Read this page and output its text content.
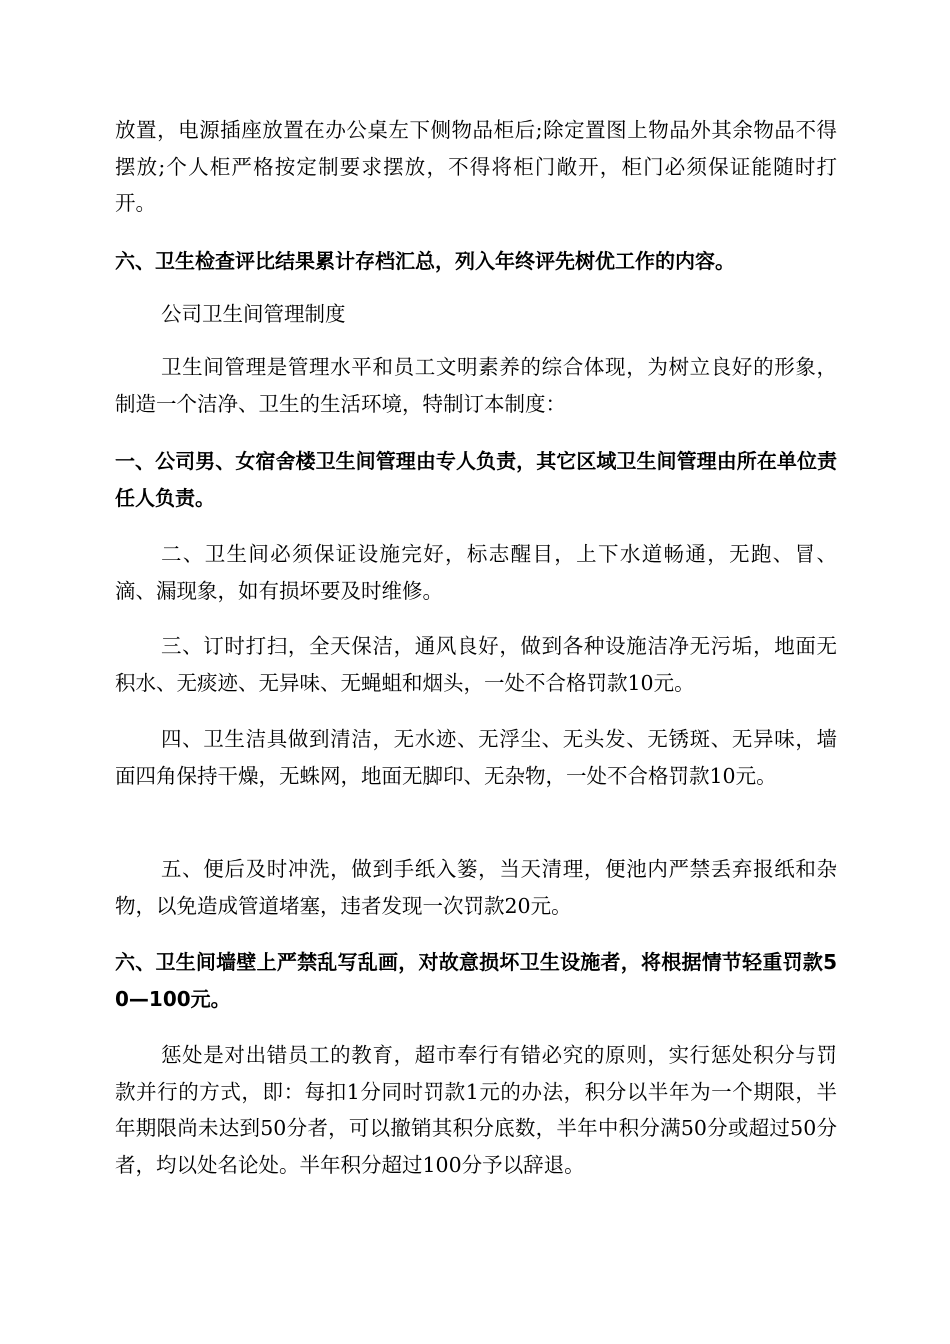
放置，电源插座放置在办公桌左下侧物品柜后;除定置图上物品外其余物品不得摆放;个人柜严格按定制要求摆放，不得将柜门敞开，柜门必须保证能随时打开。

六、卫生检查评比结果累计存档汇总，列入年终评先树优工作的内容。

公司卫生间管理制度

卫生间管理是管理水平和员工文明素养的综合体现，为树立良好的形象，制造一个洁净、卫生的生活环境，特制订本制度：

一、公司男、女宿舍楼卫生间管理由专人负责，其它区域卫生间管理由所在单位责任人负责。

二、卫生间必须保证设施完好，标志醒目，上下水道畅通，无跑、冒、滴、漏现象，如有损坏要及时维修。

三、订时打扫，全天保洁，通风良好，做到各种设施洁净无污垢，地面无积水、无痰迹、无异味、无蝇蛆和烟头，一处不合格罚款10元。

四、卫生洁具做到清洁，无水迹、无浮尘、无头发、无锈斑、无异味，墙面四角保持干燥，无蛛网，地面无脚印、无杂物，一处不合格罚款10元。

五、便后及时冲洗，做到手纸入篓，当天清理，便池内严禁丢弃报纸和杂物，以免造成管道堵塞，违者发现一次罚款20元。

六、卫生间墙壁上严禁乱写乱画，对故意损坏卫生设施者，将根据情节轻重罚款50—100元。

惩处是对出错员工的教育，超市奉行有错必究的原则，实行惩处积分与罚款并行的方式，即：每扣1分同时罚款1元的办法，积分以半年为一个期限，半年期限尚未达到50分者，可以撤销其积分底数，半年中积分满50分或超过50分者，均以处名论处。半年积分超过100分予以辞退。
